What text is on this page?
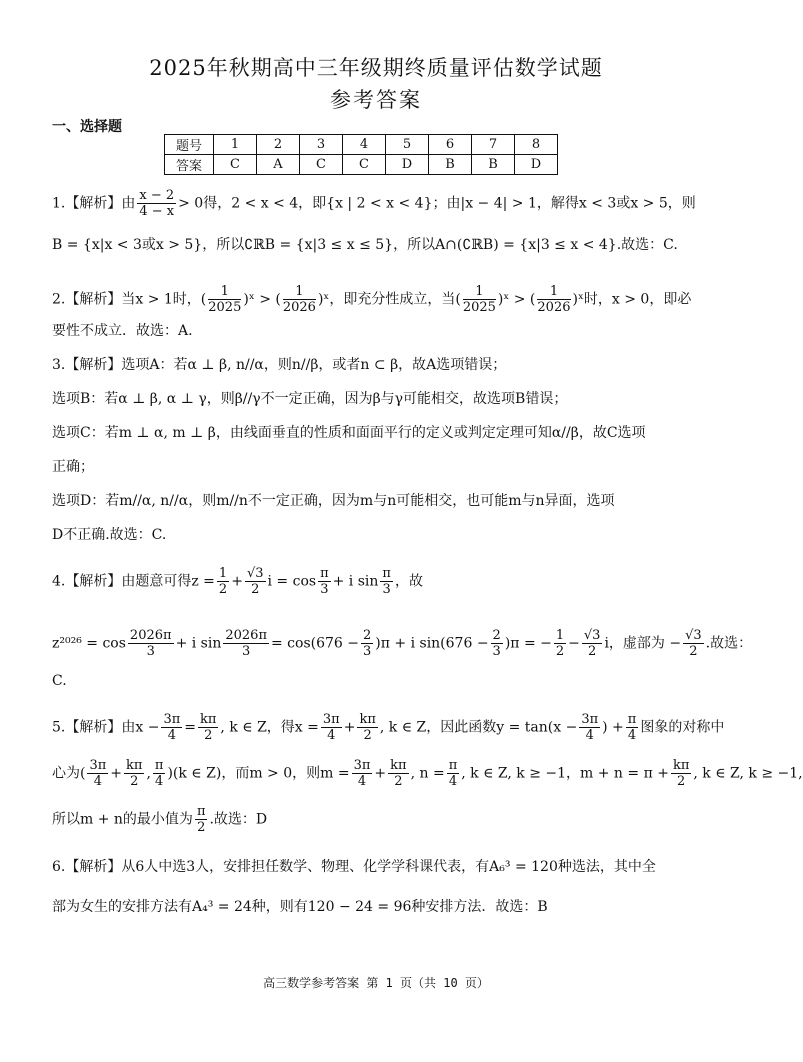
2025年秋期高中三年级期终质量评估数学试题
参考答案
一、选择题
题号	1	2	3	4	5	6	7	8
答案	C	A	C	C	D	B	B	D
1.【解析】由 $\frac{x - 2}{4 - x} > 0$得，2 < x < 4，即{x | 2 < x < 4}；由|x − 4| > 1，解得x < 3或x > 5，则
B = {x|x < 3或x > 5}，所以∁ℝB = {x|3 ≤ x ≤ 5}，所以A∩(∁ℝB) = {x|3 ≤ x < 4}.故选：C.
2.【解析】当x > 1时，( $\frac{1}{2025}$ )ˣ > ( $\frac{1}{2026}$ )ˣ，即充分性成立，当( $\frac{1}{2025}$ )ˣ > ( $\frac{1}{2026}$ )ˣ时，x > 0，即必
要性不成立．故选：A.
3.【解析】选项A：若α ⊥ β, n//α，则n//β，或者n ⊂ β，故A选项错误；
选项B：若α ⊥ β, α ⊥ γ，则β//γ不一定正确，因为β与γ可能相交，故选项B错误；
选项C：若m ⊥ α, m ⊥ β，由线面垂直的性质和面面平行的定义或判定定理可知α//β，故C选项
正确；
选项D：若m//α, n//α，则m//n不一定正确，因为m与n可能相交，也可能m与n异面，选项
D不正确.故选：C.
4.【解析】由题意可得$z = \frac{1}{2} + \frac{√3}{2}$ $i = \cos \frac{\pi}{3} + i$ $\sin \frac{\pi}{3}$ ，故
$z^{2026} = \cos \frac{2026\pi}{3} + i$ $\sin \frac{2026\pi}{3} = \cos(676 - \frac{2}{3} )\pi + i$ $\sin(676 - \frac{2}{3} )\pi$ = − $\frac{1}{2} - \frac{√3}{2}$ i，虚部为 − $\frac{√3}{2}$ .故选：
C.
5.【解析】由$x - \frac{3\pi}{4} = \frac{k\pi}{2}$ , k ∈ Z，得$x = \frac{3\pi}{4} + \frac{k\pi}{2}$ , k ∈ Z，因此函数$y = \tan(x - \frac{3\pi}{4}$ ) + $\frac{\pi}{4}$ 图象的对称中
心为( $\frac{3\pi}{4} + \frac{k\pi}{2}$ , $\frac{\pi}{4} )(k$ ∈ Z)，而m > 0，则$m = \frac{3\pi}{4} + \frac{k\pi}{2}$ , $n = \frac{\pi}{4}$ , k ∈ Z, k ≥ −1，$m + n = \pi + \frac{k\pi}{2}$ , k ∈ Z, k ≥ −1,
所以m + n的最小值为 $\frac{\pi}{2}$ .故选：D
6.【解析】从6人中选3人，安排担任数学、物理、化学学科课代表，有A₆³ = 120种选法，其中全
部为女生的安排方法有A₄³ = 24种，则有120 − 24 = 96种安排方法．故选：B
高三数学参考答案 第 1 页（共 10 页）
